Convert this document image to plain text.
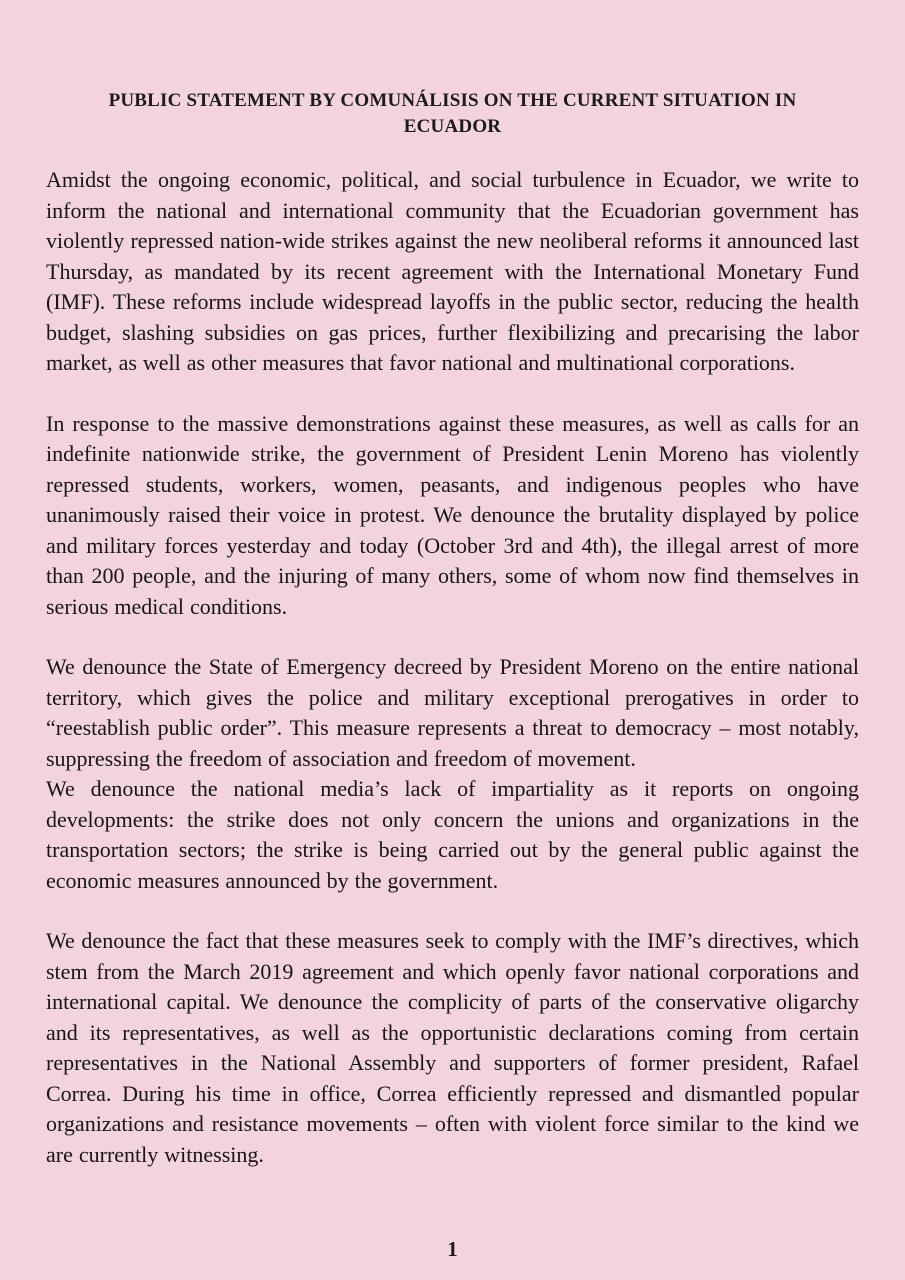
PUBLIC STATEMENT BY COMUNÁLISIS ON THE CURRENT SITUATION IN
ECUADOR

Amidst the ongoing economic, political, and social turbulence in Ecuador, we write to inform the national and international community that the Ecuadorian government has violently repressed nation-wide strikes against the new neoliberal reforms it announced last Thursday, as mandated by its recent agreement with the International Monetary Fund (IMF). These reforms include widespread layoffs in the public sector, reducing the health budget, slashing subsidies on gas prices, further flexibilizing and precarising the labor market, as well as other measures that favor national and multinational corporations.

In response to the massive demonstrations against these measures, as well as calls for an indefinite nationwide strike, the government of President Lenin Moreno has violently repressed students, workers, women, peasants, and indigenous peoples who have unanimously raised their voice in protest. We denounce the brutality displayed by police and military forces yesterday and today (October 3rd and 4th), the illegal arrest of more than 200 people, and the injuring of many others, some of whom now find themselves in serious medical conditions.

We denounce the State of Emergency decreed by President Moreno on the entire national territory, which gives the police and military exceptional prerogatives in order to “reestablish public order”. This measure represents a threat to democracy – most notably, suppressing the freedom of association and freedom of movement.

We denounce the national media’s lack of impartiality as it reports on ongoing developments: the strike does not only concern the unions and organizations in the transportation sectors; the strike is being carried out by the general public against the economic measures announced by the government.

We denounce the fact that these measures seek to comply with the IMF’s directives, which stem from the March 2019 agreement and which openly favor national corporations and international capital. We denounce the complicity of parts of the conservative oligarchy and its representatives, as well as the opportunistic declarations coming from certain representatives in the National Assembly and supporters of former president, Rafael Correa. During his time in office, Correa efficiently repressed and dismantled popular organizations and resistance movements – often with violent force similar to the kind we are currently witnessing.

1
